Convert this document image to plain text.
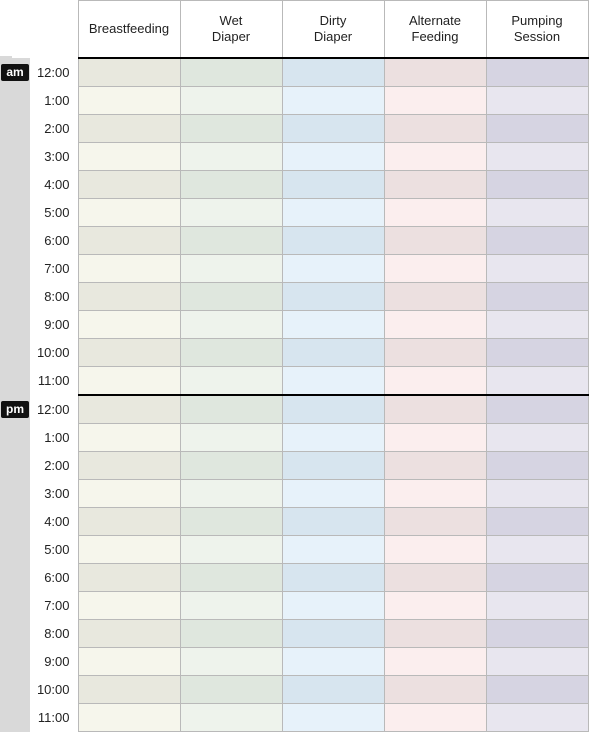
Breastfeeding

Wet
Diaper

Dirty
Diaper

Alternate
Feeding

Pumping
Session

am	12:00					
	1:00					
	2:00					
	3:00					
	4:00					
	5:00					
	6:00					
	7:00					
	8:00					
	9:00					
	10:00					
	11:00					
pm	12:00					
	1:00					
	2:00					
	3:00					
	4:00					
	5:00					
	6:00					
	7:00					
	8:00					
	9:00					
	10:00					
	11:00					
